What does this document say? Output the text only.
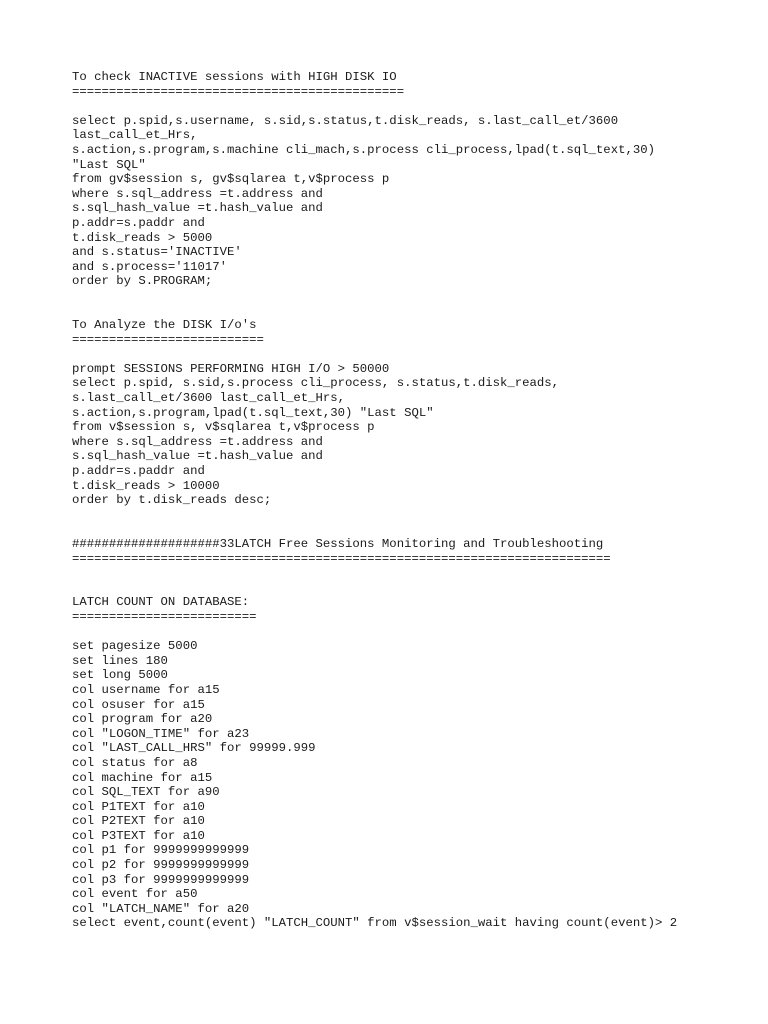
To check INACTIVE sessions with HIGH DISK IO
=============================================
select p.spid,s.username, s.sid,s.status,t.disk_reads, s.last_call_et/3600
last_call_et_Hrs,
s.action,s.program,s.machine cli_mach,s.process cli_process,lpad(t.sql_text,30)
"Last SQL"
from gv$session s, gv$sqlarea t,v$process p
where s.sql_address =t.address and
s.sql_hash_value =t.hash_value and
p.addr=s.paddr and
t.disk_reads > 5000
and s.status='INACTIVE'
and s.process='11017'
order by S.PROGRAM;
To Analyze the DISK I/o's
==========================
prompt SESSIONS PERFORMING HIGH I/O > 50000
select p.spid, s.sid,s.process cli_process, s.status,t.disk_reads,
s.last_call_et/3600 last_call_et_Hrs,
s.action,s.program,lpad(t.sql_text,30) "Last SQL"
from v$session s, v$sqlarea t,v$process p
where s.sql_address =t.address and
s.sql_hash_value =t.hash_value and
p.addr=s.paddr and
t.disk_reads > 10000
order by t.disk_reads desc;
####################33LATCH Free Sessions Monitoring and Troubleshooting
=========================================================================
LATCH COUNT ON DATABASE:
=========================
set pagesize 5000
set lines 180
set long 5000
col username for a15
col osuser for a15
col program for a20
col "LOGON_TIME" for a23
col "LAST_CALL_HRS" for 99999.999
col status for a8
col machine for a15
col SQL_TEXT for a90
col P1TEXT for a10
col P2TEXT for a10
col P3TEXT for a10
col p1 for 9999999999999
col p2 for 9999999999999
col p3 for 9999999999999
col event for a50
col "LATCH_NAME" for a20
select event,count(event) "LATCH_COUNT" from v$session_wait having count(event)> 2
